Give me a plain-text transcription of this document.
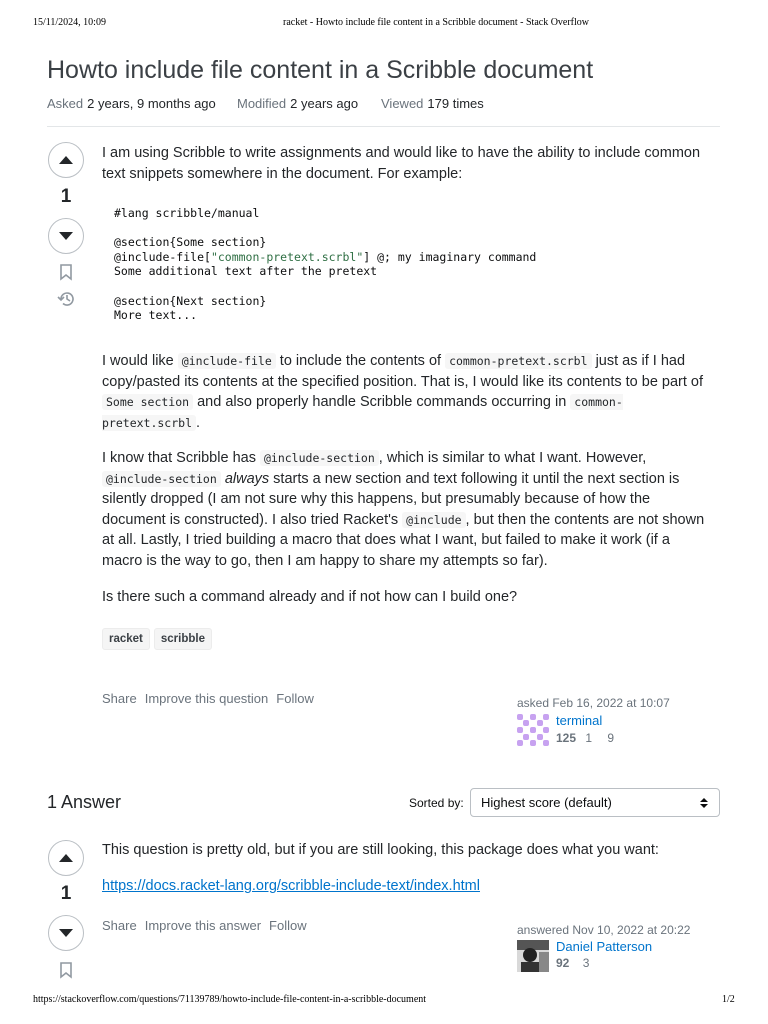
15/11/2024, 10:09	racket - Howto include file content in a Scribble document - Stack Overflow
Howto include file content in a Scribble document
Asked 2 years, 9 months ago Modified 2 years ago Viewed 179 times
1
I am using Scribble to write assignments and would like to have the ability to include common text snippets somewhere in the document. For example:
#lang scribble/manual

@section{Some section}
@include-file["common-pretext.scrbl"] @; my imaginary command
Some additional text after the pretext

@section{Next section}
More text...

I would like @include-file to include the contents of common-pretext.scrbl just as if I had copy/pasted its contents at the specified position. That is, I would like its contents to be part of Some section and also properly handle Scribble commands occurring in common-pretext.scrbl .

I know that Scribble has @include-section , which is similar to what I want. However, @include-section always starts a new section and text following it until the next section is silently dropped (I am not sure why this happens, but presumably because of how the document is constructed). I also tried Racket's @include , but then the contents are not shown at all. Lastly, I tried building a macro that does what I want, but failed to make it work (if a macro is the way to go, then I am happy to share my attempts so far).

Is there such a command already and if not how can I build one?
racket scribble
Share Improve this question Follow	asked Feb 16, 2022 at 10:07
terminal
125 1 9
1 Answer	Sorted by: Highest score (default)
1
This question is pretty old, but if you are still looking, this package does what you want:
https://docs.racket-lang.org/scribble-include-text/index.html
Share Improve this answer Follow	answered Nov 10, 2022 at 20:22
Daniel Patterson
92 3
https://stackoverflow.com/questions/71139789/howto-include-file-content-in-a-scribble-document	1/2
